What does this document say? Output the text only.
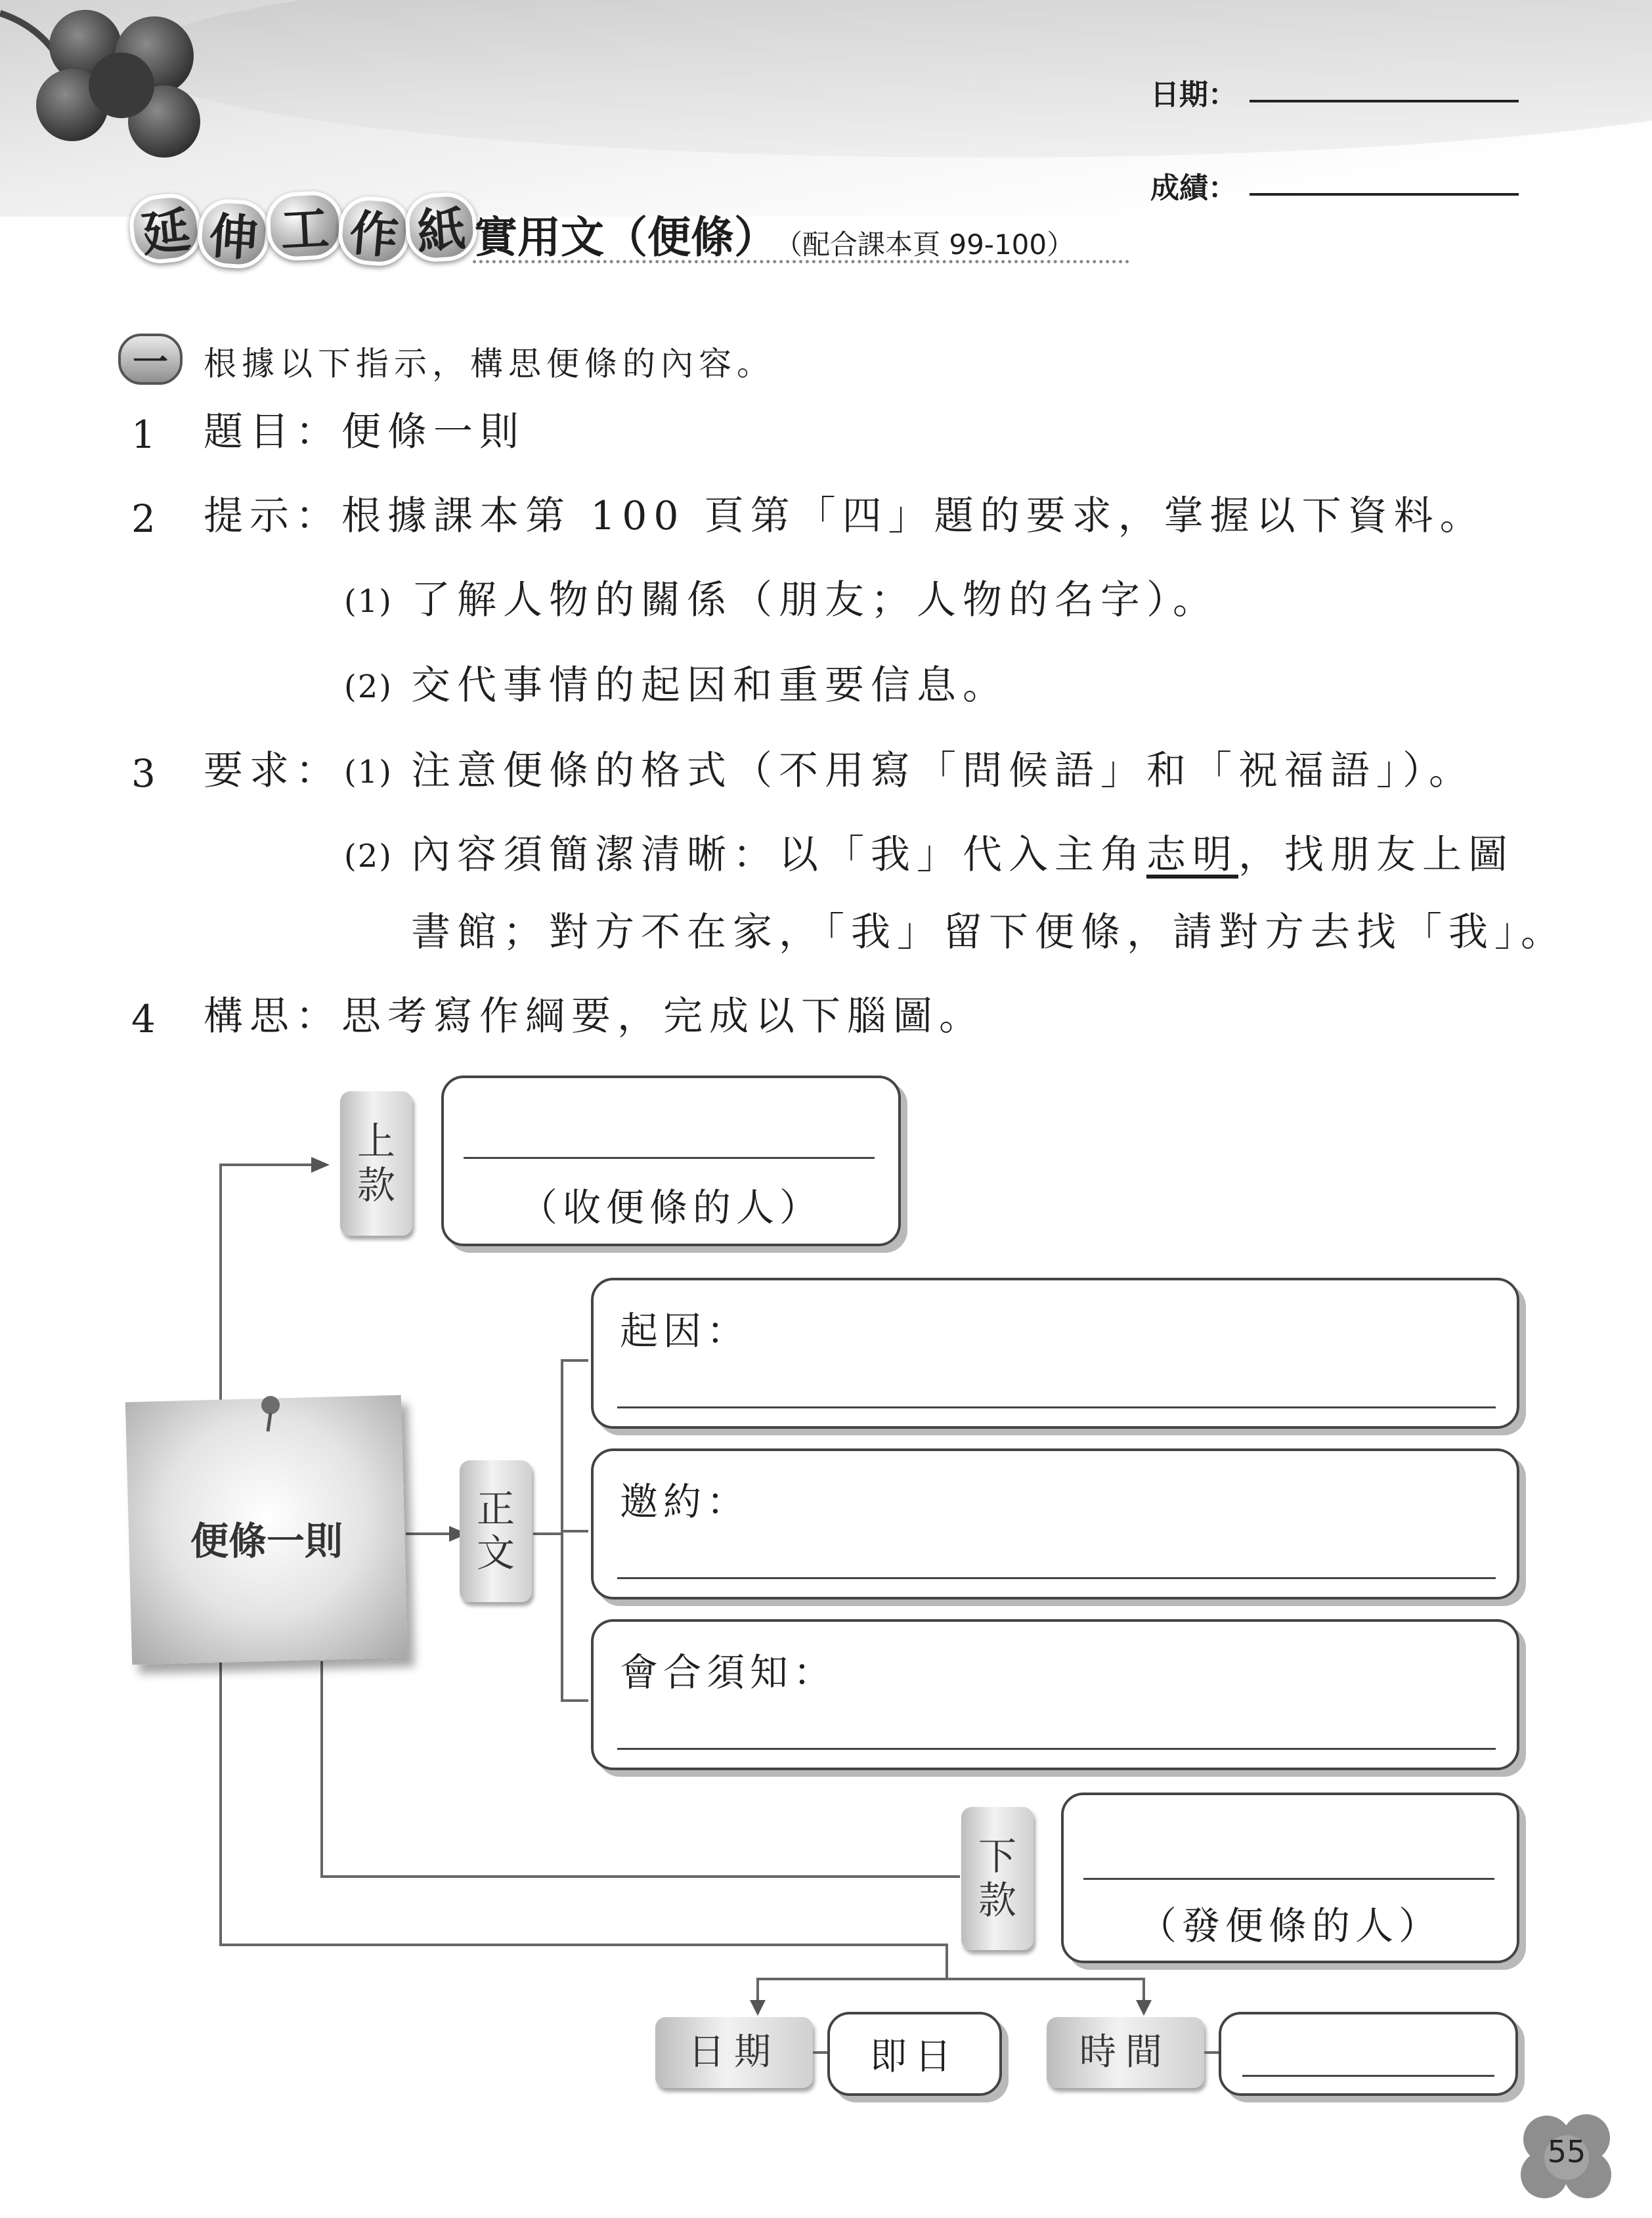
日期：
成績：
延 伸 工 作 紙 實用文（便條）
（配合課本頁 99-100）
一	根據以下指示，構思便條的內容。
1 題目：便條一則
2 提示：根據課本第 100 頁第「四」題的要求，掌握以下資料。
(1) 了解人物的關係（朋友；人物的名字）。
(2) 交代事情的起因和重要信息。
3 要求： (1) 注意便條的格式（不用寫「問候語」和「祝福語」）。
(2) 內容須簡潔清晰：以「我」代入主角志明，找朋友上圖
書館；對方不在家，「我」留下便條，請對方去找「我」。
4 構思：思考寫作綱要，完成以下腦圖。
便條一則
上
款	（收便條的人）
正
文
起因：
邀約：
會合須知：
下
款
（發便條的人）
日期	即日	時間
55
